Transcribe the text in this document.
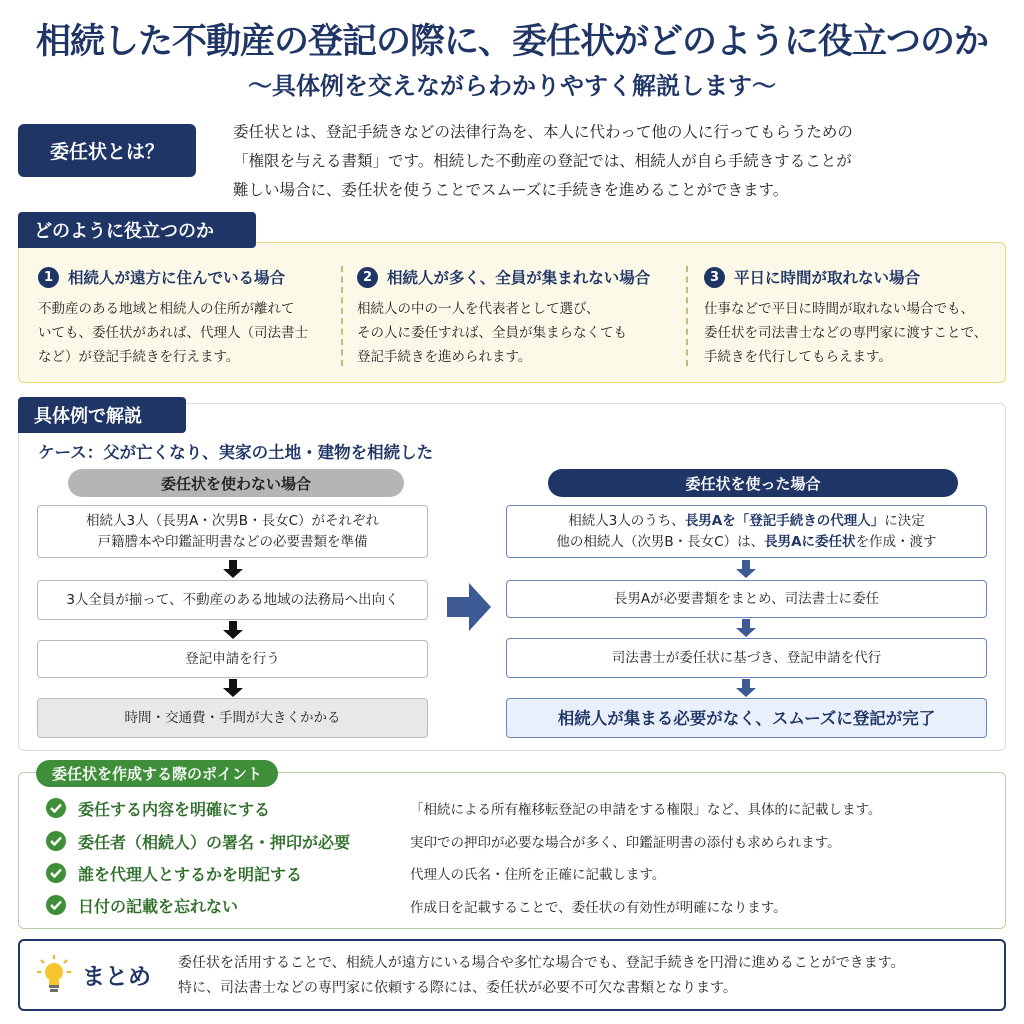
相続した不動産の登記の際に、委任状がどのように役立つのか
～具体例を交えながらわかりやすく解説します～
委任状とは？
委任状とは、登記手続きなどの法律行為を、本人に代わって他の人に行ってもらうための
「権限を与える書類」です。相続した不動産の登記では、相続人が自ら手続きすることが
難しい場合に、委任状を使うことでスムーズに手続きを進めることができます。
どのように役立つのか
1 相続人が遠方に住んでいる場合
不動産のある地域と相続人の住所が離れて
いても、委任状があれば、代理人（司法書士
など）が登記手続きを行えます。
2 相続人が多く、全員が集まれない場合
相続人の中の一人を代表者として選び、
その人に委任すれば、全員が集まらなくても
登記手続きを進められます。
3 平日に時間が取れない場合
仕事などで平日に時間が取れない場合でも、
委任状を司法書士などの専門家に渡すことで、
手続きを代行してもらえます。
具体例で解説
ケース：父が亡くなり、実家の土地・建物を相続した
委任状を使わない場合	委任状を使った場合
相続人3人（長男A・次男B・長女C）がそれぞれ
戸籍謄本や印鑑証明書などの必要書類を準備
3人全員が揃って、不動産のある地域の法務局へ出向く
登記申請を行う
時間・交通費・手間が大きくかかる
相続人3人のうち、長男Aを「登記手続きの代理人」に決定
他の相続人（次男B・長女C）は、長男Aに委任状を作成・渡す
長男Aが必要書類をまとめ、司法書士に委任
司法書士が委任状に基づき、登記申請を代行
相続人が集まる必要がなく、スムーズに登記が完了
委任状を作成する際のポイント
委任する内容を明確にする	「相続による所有権移転登記の申請をする権限」など、具体的に記載します。
委任者（相続人）の署名・押印が必要	実印での押印が必要な場合が多く、印鑑証明書の添付も求められます。
誰を代理人とするかを明記する	代理人の氏名・住所を正確に記載します。
日付の記載を忘れない	作成日を記載することで、委任状の有効性が明確になります。
まとめ
委任状を活用することで、相続人が遠方にいる場合や多忙な場合でも、登記手続きを円滑に進めることができます。
特に、司法書士などの専門家に依頼する際には、委任状が必要不可欠な書類となります。
